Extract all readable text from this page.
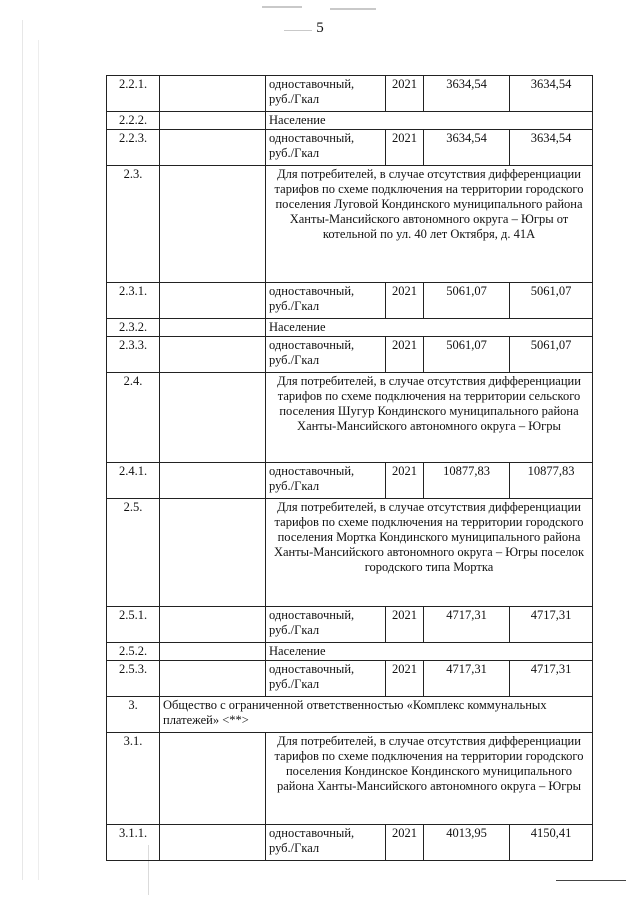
5
2.2.1.		одноставочный, руб./Гкал	2021	3634,54	3634,54
2.2.2.		Население			
2.2.3.		одноставочный, руб./Гкал	2021	3634,54	3634,54
2.3.		Для потребителей, в случае отсутствия дифференциации тарифов по схеме подключения на территории городского поселения Луговой Кондинского муниципального района Ханты-Мансийского автономного округа – Югры от котельной по ул. 40 лет Октября, д. 41А			
2.3.1.		одноставочный, руб./Гкал	2021	5061,07	5061,07
2.3.2.		Население			
2.3.3.		одноставочный, руб./Гкал	2021	5061,07	5061,07
2.4.		Для потребителей, в случае отсутствия дифференциации тарифов по схеме подключения на территории сельского поселения Шугур Кондинского муниципального района Ханты-Мансийского автономного округа – Югры			
2.4.1.		одноставочный, руб./Гкал	2021	10877,83	10877,83
2.5.		Для потребителей, в случае отсутствия дифференциации тарифов по схеме подключения на территории городского поселения Мортка Кондинского муниципального района Ханты-Мансийского автономного округа – Югры поселок городского типа Мортка			
2.5.1.		одноставочный, руб./Гкал	2021	4717,31	4717,31
2.5.2.		Население			
2.5.3.		одноставочный, руб./Гкал	2021	4717,31	4717,31
3.	Общество с ограниченной ответственностью «Комплекс коммунальных платежей» <**>				
3.1.		Для потребителей, в случае отсутствия дифференциации тарифов по схеме подключения на территории городского поселения Кондинское Кондинского муниципального района Ханты-Мансийского автономного округа – Югры			
3.1.1.		одноставочный, руб./Гкал	2021	4013,95	4150,41
